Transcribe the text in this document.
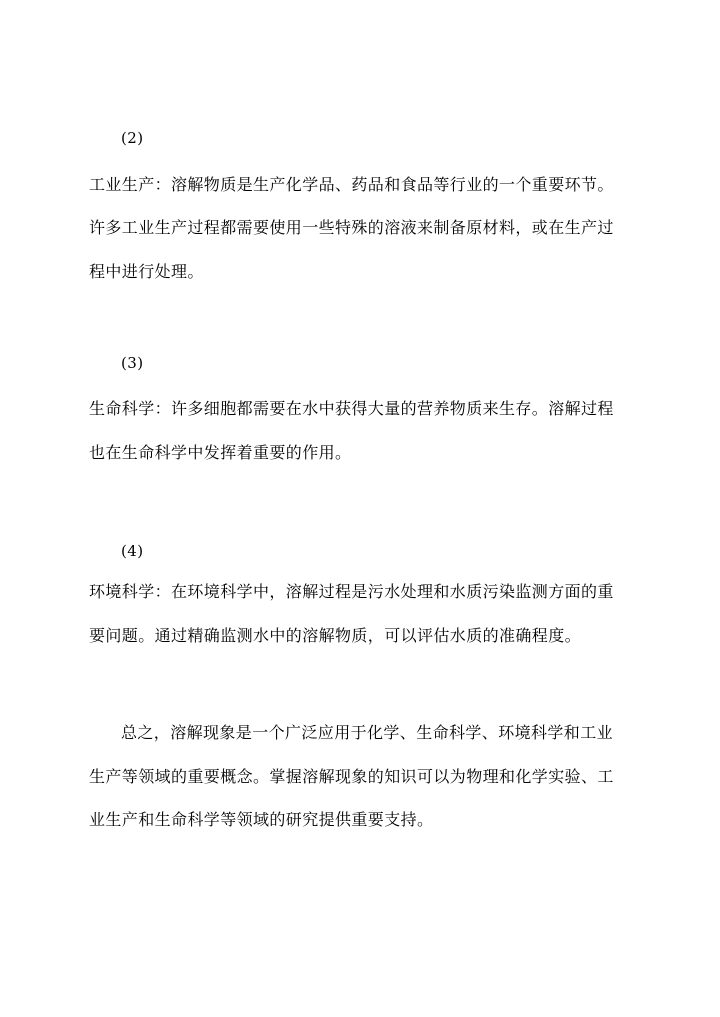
(2)
工业生产：溶解物质是生产化学品、药品和食品等行业的一个重要环节。
许多工业生产过程都需要使用一些特殊的溶液来制备原材料，或在生产过
程中进行处理。
(3)
生命科学：许多细胞都需要在水中获得大量的营养物质来生存。溶解过程
也在生命科学中发挥着重要的作用。
(4)
环境科学：在环境科学中，溶解过程是污水处理和水质污染监测方面的重
要问题。通过精确监测水中的溶解物质，可以评估水质的准确程度。
总之，溶解现象是一个广泛应用于化学、生命科学、环境科学和工业
生产等领域的重要概念。掌握溶解现象的知识可以为物理和化学实验、工
业生产和生命科学等领域的研究提供重要支持。
